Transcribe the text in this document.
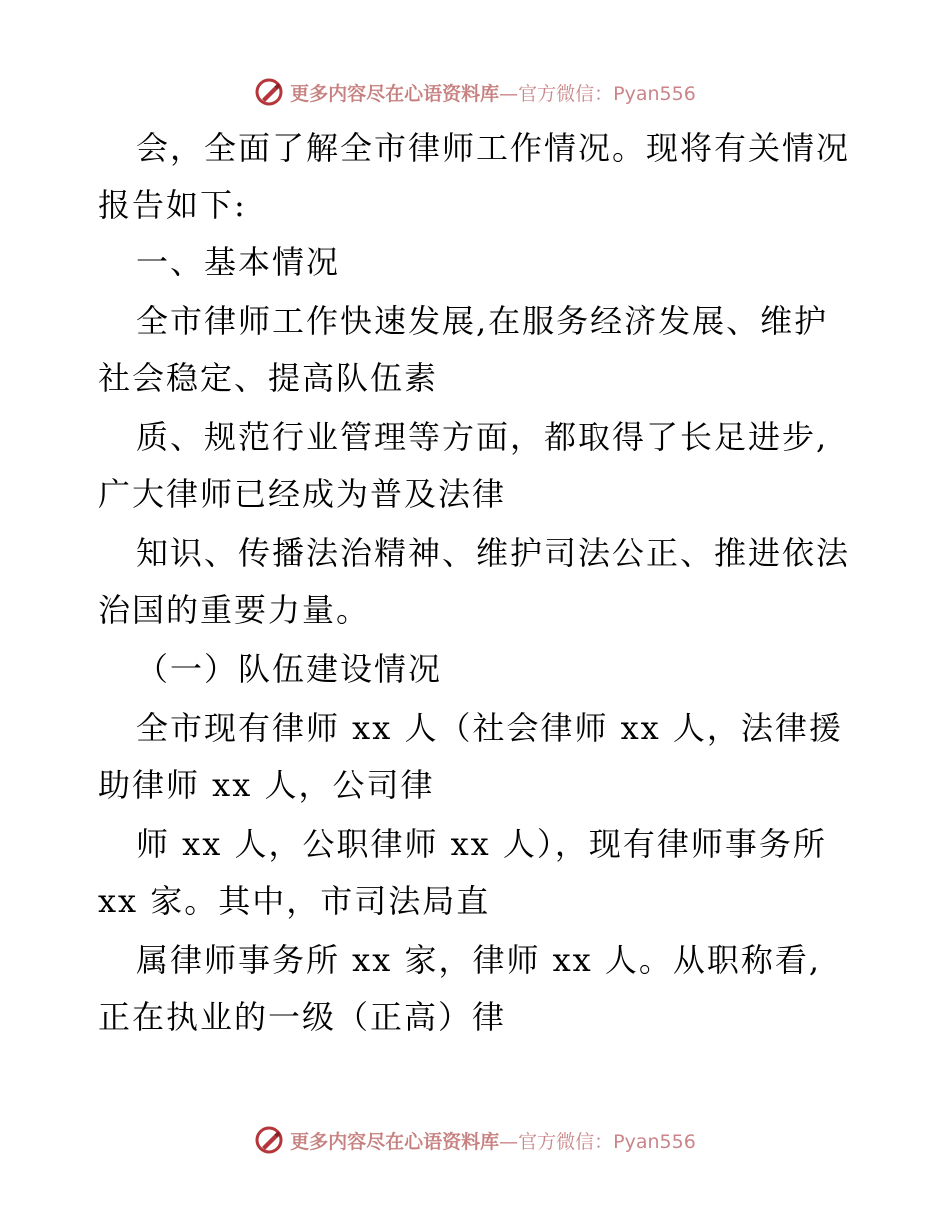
更多内容尽在心语资料库—官方微信：Pyan556
会，全面了解全市律师工作情况。现将有关情况
报告如下:
一、基本情况
全市律师工作快速发展,在服务经济发展、维护
社会稳定、提高队伍素
质、规范行业管理等方面，都取得了长足进步,
广大律师已经成为普及法律
知识、传播法治精神、维护司法公正、推进依法
治国的重要力量。
（一）队伍建设情况
全市现有律师 xx 人（社会律师 xx 人，法律援
助律师 xx 人，公司律
师 xx 人，公职律师 xx 人），现有律师事务所
xx 家。其中，市司法局直
属律师事务所 xx 家，律师 xx 人。从职称看,
正在执业的一级（正高）律
更多内容尽在心语资料库—官方微信：Pyan556
